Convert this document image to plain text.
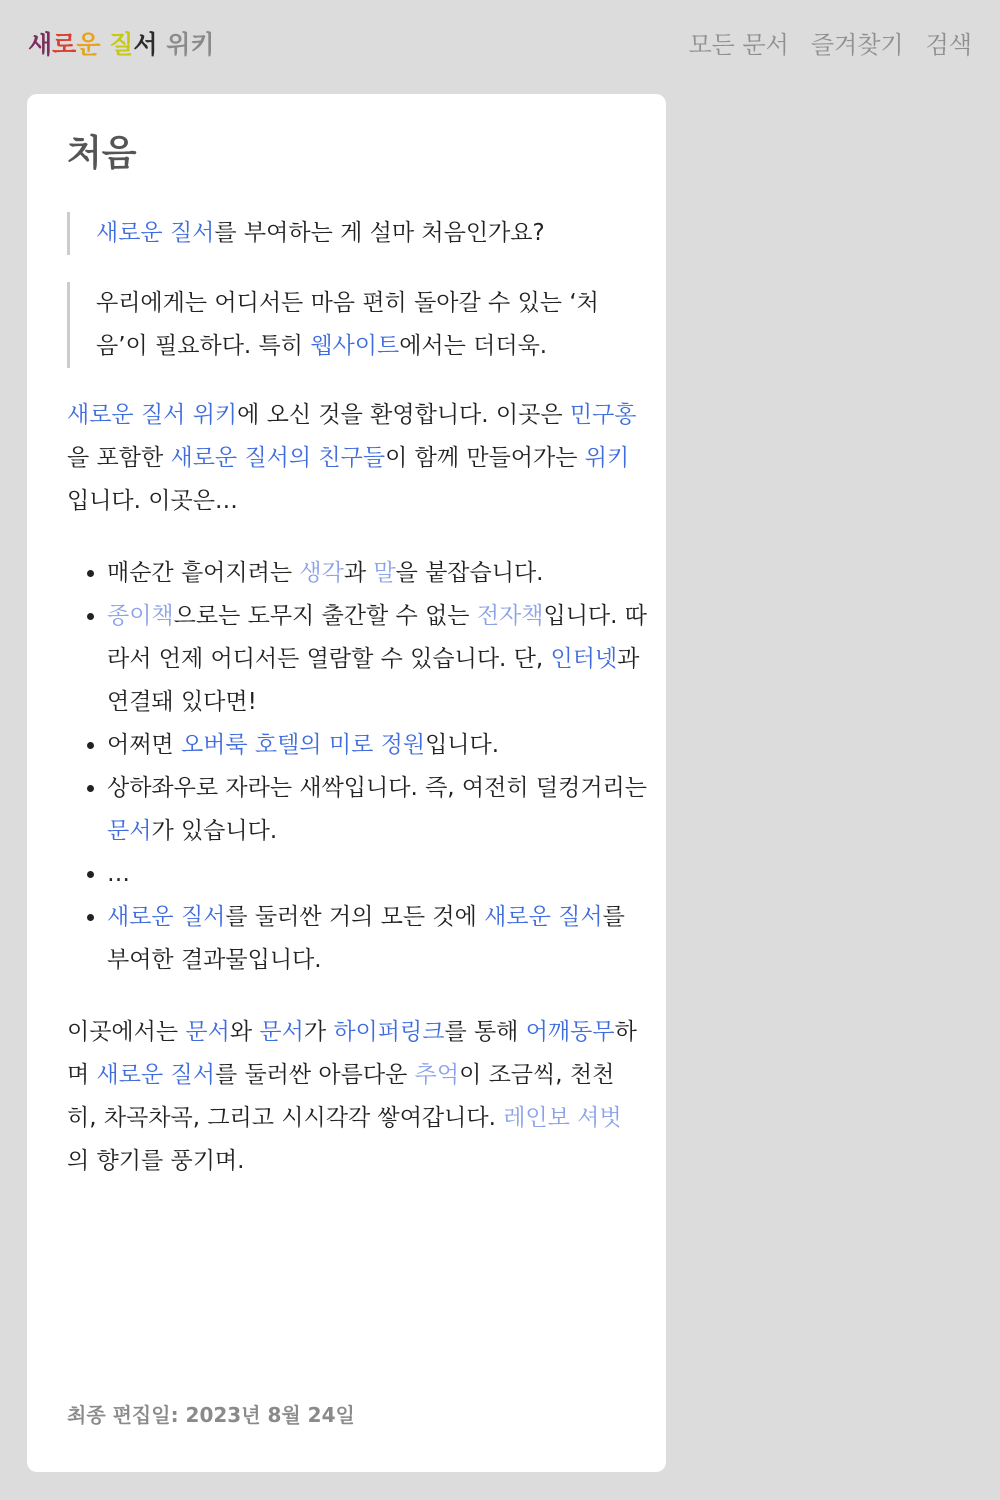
새로운 질서 위키	모든 문서 즐겨찾기 검색
처음
새로운 질서를 부여하는 게 설마 처음인가요?
우리에게는 어디서든 마음 편히 돌아갈 수 있는 ‘처음’이 필요하다. 특히 웹사이트에서는 더더욱.

새로운 질서 위키에 오신 것을 환영합니다. 이곳은 민구홍을 포함한 새로운 질서의 친구들이 함께 만들어가는 위키입니다. 이곳은…

• 매순간 흩어지려는 생각과 말을 붙잡습니다.
• 종이책으로는 도무지 출간할 수 없는 전자책입니다. 따라서 언제 어디서든 열람할 수 있습니다. 단, 인터넷과 연결돼 있다면!
• 어쩌면 오버룩 호텔의 미로 정원입니다.
• 상하좌우로 자라는 새싹입니다. 즉, 여전히 덜컹거리는 문서가 있습니다.
• …
• 새로운 질서를 둘러싼 거의 모든 것에 새로운 질서를 부여한 결과물입니다.

이곳에서는 문서와 문서가 하이퍼링크를 통해 어깨동무하며 새로운 질서를 둘러싼 아름다운 추억이 조금씩, 천천히, 차곡차곡, 그리고 시시각각 쌓여갑니다. 레인보 셔벗의 향기를 풍기며.

최종 편집일: 2023년 8월 24일
